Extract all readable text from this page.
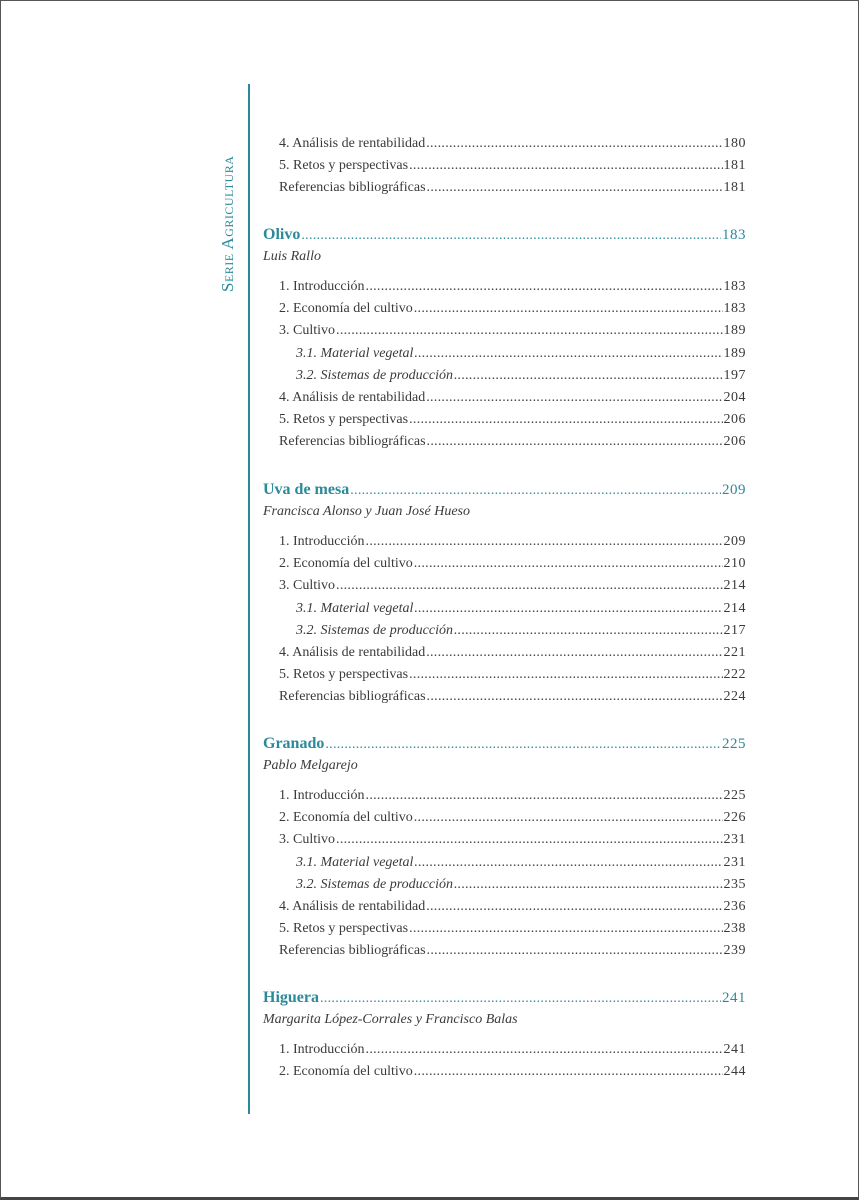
Serie Agricultura
4. Análisis de rentabilidad .....	180
5. Retos y perspectivas .....	181
Referencias bibliográficas .....	181
Olivo .....	183
Luis Rallo
1. Introducción .....	183
2. Economía del cultivo .....	183
3. Cultivo .....	189
3.1. Material vegetal .....	189
3.2. Sistemas de producción .....	197
4. Análisis de rentabilidad .....	204
5. Retos y perspectivas .....	206
Referencias bibliográficas .....	206
Uva de mesa .....	209
Francisca Alonso y Juan José Hueso
1. Introducción .....	209
2. Economía del cultivo .....	210
3. Cultivo .....	214
3.1. Material vegetal .....	214
3.2. Sistemas de producción .....	217
4. Análisis de rentabilidad .....	221
5. Retos y perspectivas .....	222
Referencias bibliográficas .....	224
Granado .....	225
Pablo Melgarejo
1. Introducción .....	225
2. Economía del cultivo .....	226
3. Cultivo .....	231
3.1. Material vegetal .....	231
3.2. Sistemas de producción .....	235
4. Análisis de rentabilidad .....	236
5. Retos y perspectivas .....	238
Referencias bibliográficas .....	239
Higuera .....	241
Margarita López-Corrales y Francisco Balas
1. Introducción .....	241
2. Economía del cultivo .....	244
